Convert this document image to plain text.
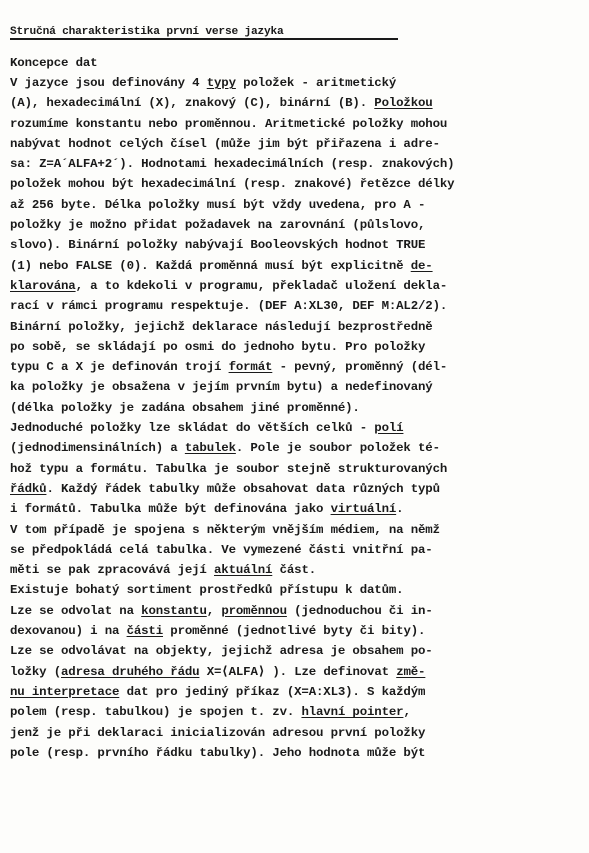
Stručná charakteristika první verse jazyka
Koncepce dat
V jazyce jsou definovány 4 typy položek - aritmetický
(A), hexadecimální (X), znakový (C), binární (B). Položkou
rozumíme konstantu nebo proměnnou. Aritmetické položky mohou
nabývat hodnot celých čísel (může jim být přiřazena i adre-
sa: Z=A´ALFA+2´). Hodnotami hexadecimálních (resp. znakových)
položek mohou být hexadecimální (resp. znakové) řetězce délky
až 256 byte. Délka položky musí být vždy uvedena, pro A -
položky je možno přidat požadavek na zarovnání (půlslovo,
slovo). Binární položky nabývají Booleovských hodnot TRUE
(1) nebo FALSE (0). Každá proměnná musí být explicitně de-
klarována, a to kdekoli v programu, překladač uložení dekla-
rací v rámci programu respektuje. (DEF A:XL30, DEF M:AL2/2).
Binární položky, jejichž deklarace následují bezprostředně
po sobě, se skládají po osmi do jednoho bytu. Pro položky
typu C a X je definován trojí formát - pevný, proměnný (dél-
ka položky je obsažena v jejím prvním bytu) a nedefinovaný
(délka položky je zadána obsahem jiné proměnné).
Jednoduché položky lze skládat do větších celků - polí
(jednodimensinálních) a tabulek. Pole je soubor položek té-
hož typu a formátu. Tabulka je soubor stejně strukturovaných
řádků. Každý řádek tabulky může obsahovat data různých typů
i formátů. Tabulka může být definována jako virtuální.
V tom případě je spojena s některým vnějším médiem, na němž
se předpokládá celá tabulka. Ve vymezené části vnitřní pa-
měti se pak zpracovává její aktuální část.
Existuje bohatý sortiment prostředků přístupu k datům.
Lze se odvolat na konstantu, proměnnou (jednoduchou či in-
dexovanou) i na části proměnné (jednotlivé byty či bity).
Lze se odvolávat na objekty, jejichž adresa je obsahem po-
ložky (adresa druhého řádu X=⟨ALFA⟩ ). Lze definovat změ-
nu interpretace dat pro jediný příkaz (X=A:XL3). S každým
polem (resp. tabulkou) je spojen t. zv. hlavní pointer,
jenž je při deklaraci inicializován adresou první položky
pole (resp. prvního řádku tabulky). Jeho hodnota může být
